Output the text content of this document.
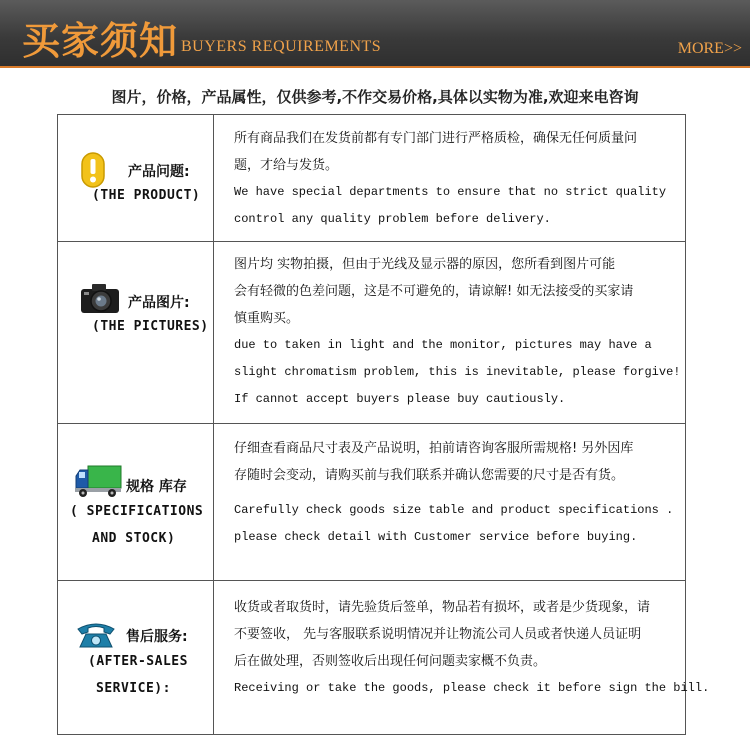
买家须知 BUYERS REQUIREMENTS	MORE>>
图片，价格，产品属性，仅供参考,不作交易价格,具体以实物为准,欢迎来电咨询
产品问题:
(THE PRODUCT)
所有商品我们在发货前都有专门部门进行严格质检，确保无任何质量问
题，才给与发货。
We have special departments to ensure that no strict quality
control any quality problem before delivery.
产品图片:
(THE PICTURES)
图片均 实物拍摄，但由于光线及显示器的原因，您所看到图片可能
会有轻微的色差问题，这是不可避免的，请谅解! 如无法接受的买家请
慎重购买。
due to taken in light and the monitor, pictures may have a
slight chromatism problem, this is inevitable, please forgive!
If cannot accept buyers please buy cautiously.
规格 库存
( SPECIFICATIONS
AND STOCK)
仔细查看商品尺寸表及产品说明，拍前请咨询客服所需规格! 另外因库
存随时会变动，请购买前与我们联系并确认您需要的尺寸是否有货。
Carefully check goods size table and product specifications .
please check detail with Customer service before buying.
售后服务:
(AFTER-SALES
SERVICE):
收货或者取货时，请先验货后签单，物品若有损坏，或者是少货现象，请
不要签收， 先与客服联系说明情况并让物流公司人员或者快递人员证明
后在做处理，否则签收后出现任何问题卖家概不负责。
Receiving or take the goods, please check it before sign the bill.
